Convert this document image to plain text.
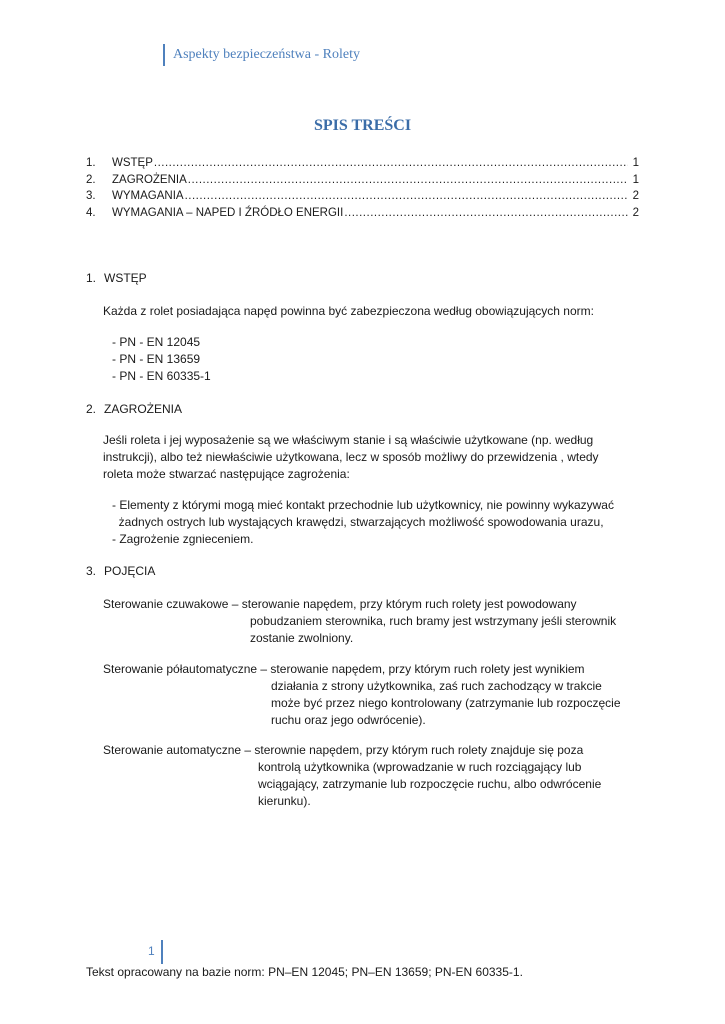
Aspekty bezpieczeństwa - Rolety
SPIS TREŚCI
1.	WSTĘP .....	1
2.	ZAGROŻENIA .....	1
3.	WYMAGANIA .....	2
4.	WYMAGANIA – NAPED I ŹRÓDŁO ENERGII .....	2
1. WSTĘP
Każda z rolet posiadająca napęd powinna być zabezpieczona według obowiązujących norm:
- PN - EN 12045
- PN - EN 13659
- PN - EN 60335-1
2. ZAGROŻENIA
Jeśli roleta i jej wyposażenie są we właściwym stanie i są właściwie użytkowane (np. według
instrukcji), albo też niewłaściwie użytkowana, lecz w sposób możliwy do przewidzenia , wtedy
roleta może stwarzać następujące zagrożenia:
- Elementy z którymi mogą mieć kontakt przechodnie lub użytkownicy, nie powinny wykazywać
żadnych ostrych lub wystających krawędzi, stwarzających możliwość spowodowania urazu,
- Zagrożenie zgnieceniem.
3. POJĘCIA
Sterowanie czuwakowe – sterowanie napędem, przy którym ruch rolety jest powodowany
pobudzaniem sterownika, ruch bramy jest wstrzymany jeśli sterownik
zostanie zwolniony.
Sterowanie półautomatyczne – sterowanie napędem, przy którym ruch rolety jest wynikiem
działania z strony użytkownika, zaś ruch zachodzący w trakcie
może być przez niego kontrolowany (zatrzymanie lub rozpoczęcie
ruchu oraz jego odwrócenie).
Sterowanie automatyczne – sterownie napędem, przy którym ruch rolety znajduje się poza
kontrolą użytkownika (wprowadzanie w ruch rozciągający lub
wciągający, zatrzymanie lub rozpoczęcie ruchu, albo odwrócenie
kierunku).
1
Tekst opracowany na bazie norm: PN–EN 12045; PN–EN 13659; PN-EN 60335-1.
